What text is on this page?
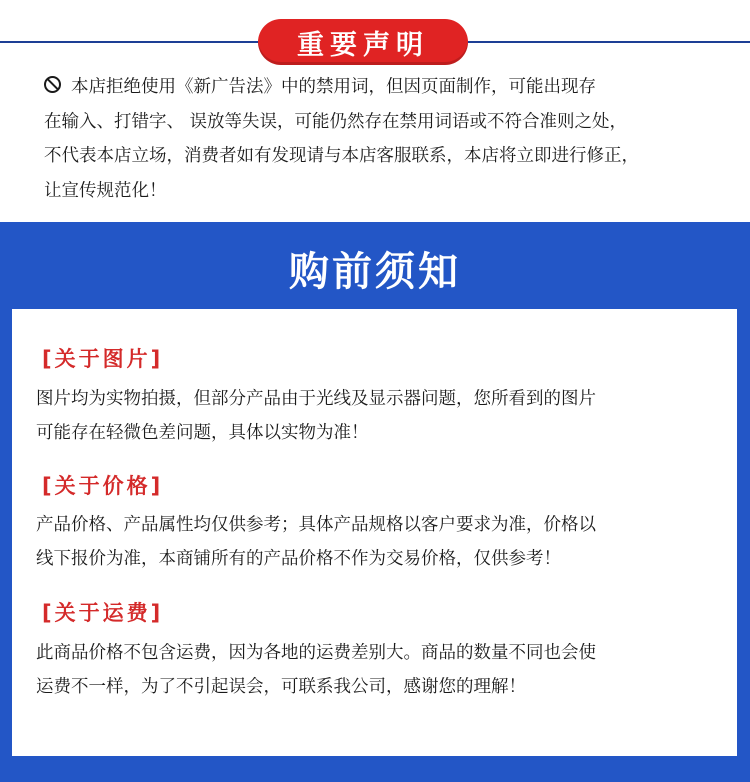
重要声明
本店拒绝使用《新广告法》中的禁用词，但因页面制作，可能出现存
在输入、打错字、 误放等失误，可能仍然存在禁用词语或不符合准则之处，
不代表本店立场，消费者如有发现请与本店客服联系，本店将立即进行修正，
让宣传规范化！
购前须知
[关于图片]
图片均为实物拍摄，但部分产品由于光线及显示器问题，您所看到的图片
可能存在轻微色差问题，具体以实物为准！
[关于价格]
产品价格、产品属性均仅供参考；具体产品规格以客户要求为准，价格以
线下报价为准，本商铺所有的产品价格不作为交易价格，仅供参考！
[关于运费]
此商品价格不包含运费，因为各地的运费差别大。商品的数量不同也会使
运费不一样，为了不引起误会，可联系我公司，感谢您的理解！
